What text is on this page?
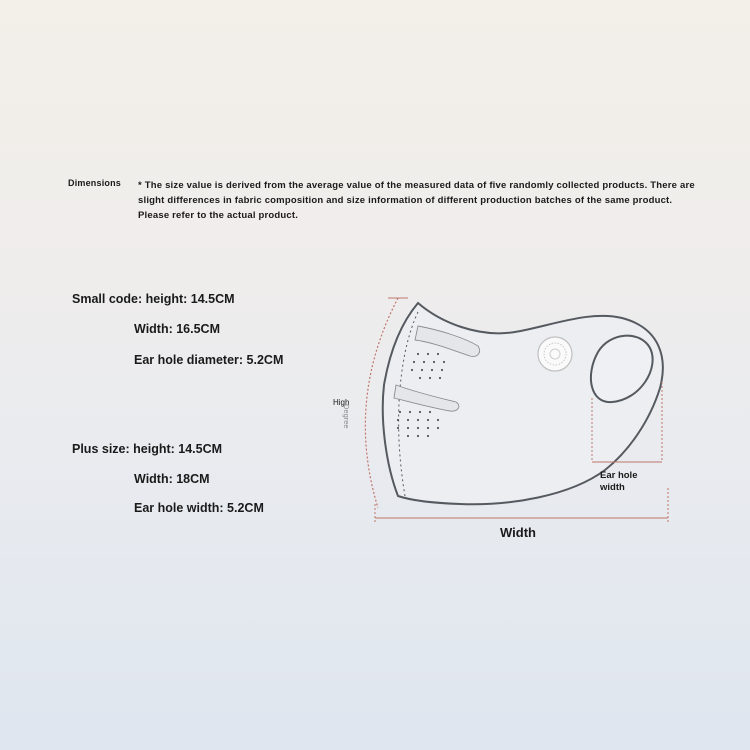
Dimensions * The size value is derived from the average value of the measured data of five randomly collected products. There are slight differences in fabric composition and size information of different production batches of the same product. Please refer to the actual product.
Small code: height: 14.5CM
Width: 16.5CM
Ear hole diameter: 5.2CM
Plus size: height: 14.5CM
Width: 18CM
Ear hole width: 5.2CM
High
Degree
Width
Ear hole
width
